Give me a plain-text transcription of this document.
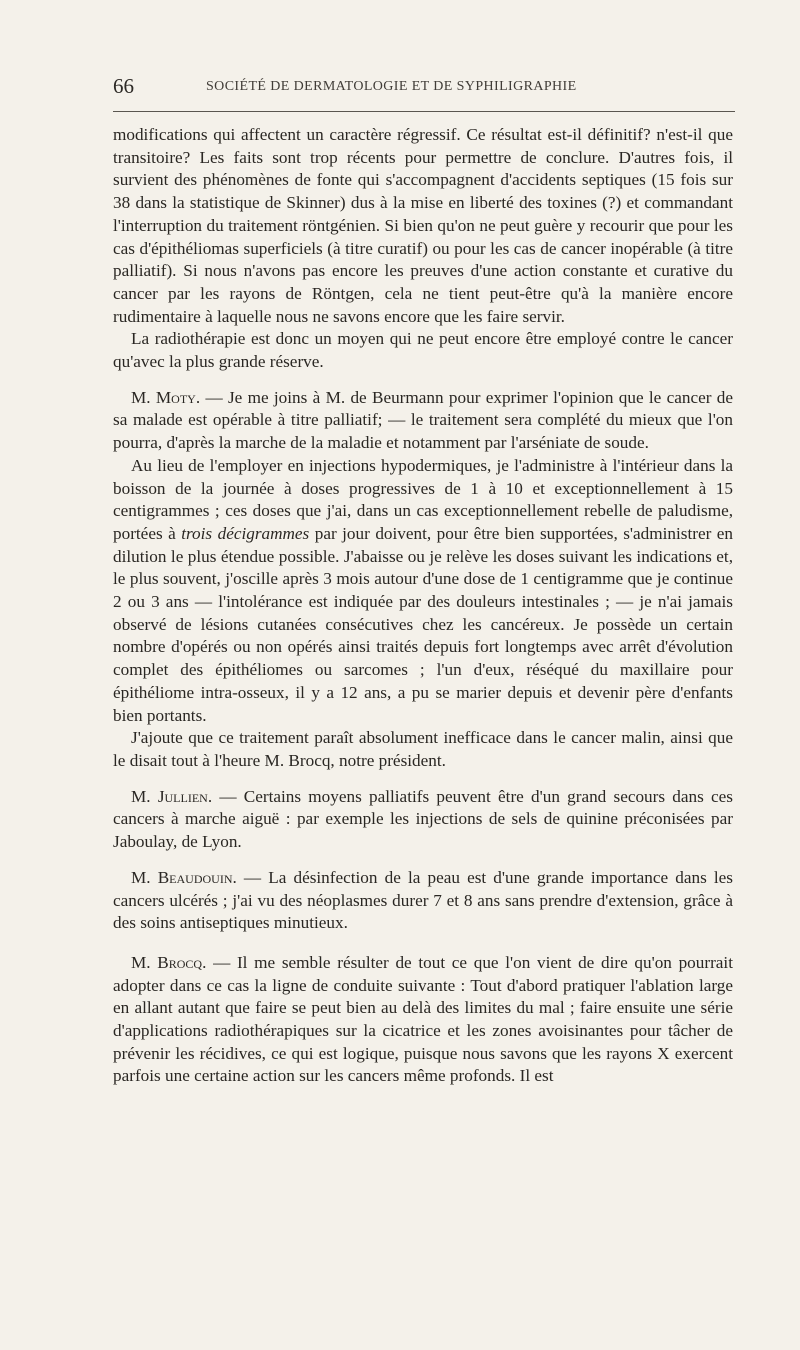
66	SOCIÉTÉ DE DERMATOLOGIE ET DE SYPHILIGRAPHIE

modifications qui affectent un caractère régressif. Ce résultat est-il définitif? n'est-il que transitoire? Les faits sont trop récents pour permettre de conclure. D'autres fois, il survient des phénomènes de fonte qui s'accompagnent d'accidents septiques (15 fois sur 38 dans la statistique de Skinner) dus à la mise en liberté des toxines (?) et commandant l'interruption du traitement röntgénien. Si bien qu'on ne peut guère y recourir que pour les cas d'épithéliomas superficiels (à titre curatif) ou pour les cas de cancer inopérable (à titre palliatif). Si nous n'avons pas encore les preuves d'une action constante et curative du cancer par les rayons de Röntgen, cela ne tient peut-être qu'à la manière encore rudimentaire à laquelle nous ne savons encore que les faire servir.

La radiothérapie est donc un moyen qui ne peut encore être employé contre le cancer qu'avec la plus grande réserve.

M. Moty. — Je me joins à M. de Beurmann pour exprimer l'opinion que le cancer de sa malade est opérable à titre palliatif; — le traitement sera complété du mieux que l'on pourra, d'après la marche de la maladie et notamment par l'arséniate de soude.

Au lieu de l'employer en injections hypodermiques, je l'administre à l'intérieur dans la boisson de la journée à doses progressives de 1 à 10 et exceptionnellement à 15 centigrammes ; ces doses que j'ai, dans un cas exceptionnellement rebelle de paludisme, portées à trois décigrammes par jour doivent, pour être bien supportées, s'administrer en dilution le plus étendue possible. J'abaisse ou je relève les doses suivant les indications et, le plus souvent, j'oscille après 3 mois autour d'une dose de 1 centigramme que je continue 2 ou 3 ans — l'intolérance est indiquée par des douleurs intestinales ; — je n'ai jamais observé de lésions cutanées consécutives chez les cancéreux. Je possède un certain nombre d'opérés ou non opérés ainsi traités depuis fort longtemps avec arrêt d'évolution complet des épithéliomes ou sarcomes ; l'un d'eux, réséqué du maxillaire pour épithéliome intra-osseux, il y a 12 ans, a pu se marier depuis et devenir père d'enfants bien portants.

J'ajoute que ce traitement paraît absolument inefficace dans le cancer malin, ainsi que le disait tout à l'heure M. Brocq, notre président.

M. Jullien. — Certains moyens palliatifs peuvent être d'un grand secours dans ces cancers à marche aiguë : par exemple les injections de sels de quinine préconisées par Jaboulay, de Lyon.

M. Beaudouin. — La désinfection de la peau est d'une grande importance dans les cancers ulcérés ; j'ai vu des néoplasmes durer 7 et 8 ans sans prendre d'extension, grâce à des soins antiseptiques minutieux.

M. Brocq. — Il me semble résulter de tout ce que l'on vient de dire qu'on pourrait adopter dans ce cas la ligne de conduite suivante : Tout d'abord pratiquer l'ablation large en allant autant que faire se peut bien au delà des limites du mal ; faire ensuite une série d'applications radiothérapiques sur la cicatrice et les zones avoisinantes pour tâcher de prévenir les récidives, ce qui est logique, puisque nous savons que les rayons X exercent parfois une certaine action sur les cancers même profonds. Il est
